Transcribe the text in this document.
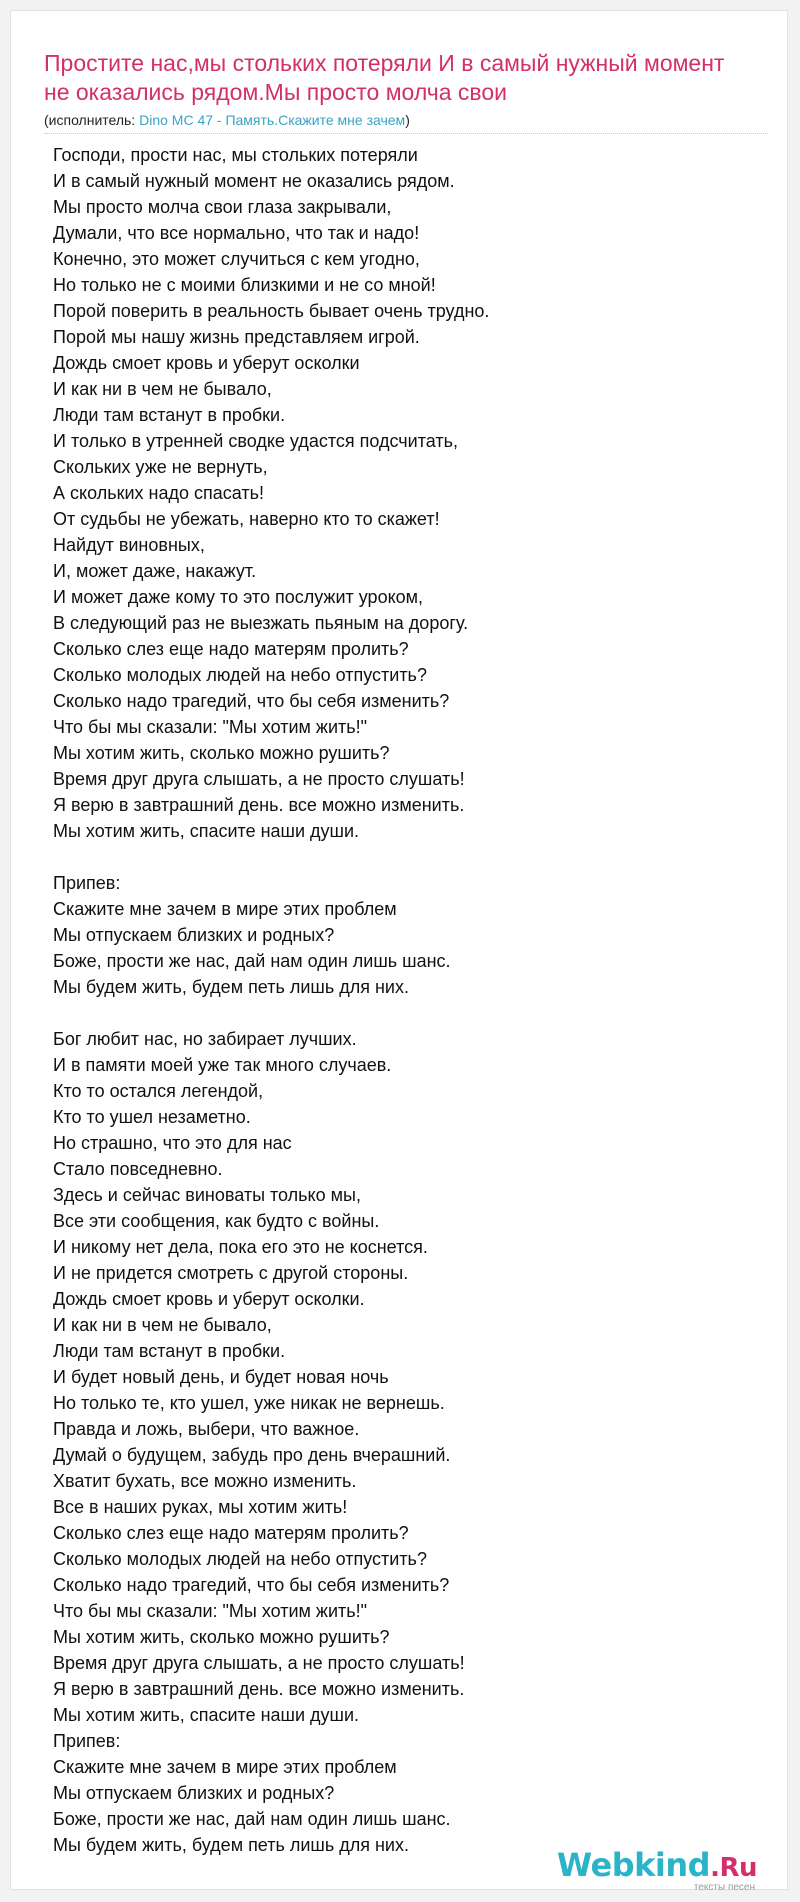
Простите нас,мы стольких потеряли И в самый нужный момент не оказались рядом.Мы просто молча свои
(исполнитель: Dino MC 47 - Память.Скажите мне зачем)
Господи, прости нас, мы стольких потеряли
И в самый нужный момент не оказались рядом.
Мы просто молча свои глаза закрывали,
Думали, что все нормально, что так и надо!
Конечно, это может случиться с кем угодно,
Но только не с моими близкими и не со мной!
Порой поверить в реальность бывает очень трудно.
Порой мы нашу жизнь представляем игрой.
Дождь смоет кровь и уберут осколки
И как ни в чем не бывало,
Люди там встанут в пробки.
И только в утренней сводке удастся подсчитать,
Скольких уже не вернуть,
А скольких надо спасать!
От судьбы не убежать, наверно кто то скажет!
Найдут виновных,
И, может даже, накажут.
И может даже кому то это послужит уроком,
В следующий раз не выезжать пьяным на дорогу.
Сколько слез еще надо матерям пролить?
Сколько молодых людей на небо отпустить?
Сколько надо трагедий, что бы себя изменить?
Что бы мы сказали: "Мы хотим жить!"
Мы хотим жить, сколько можно рушить?
Время друг друга слышать, а не просто слушать!
Я верю в завтрашний день. все можно изменить.
Мы хотим жить, спасите наши души.
Припев:
Скажите мне зачем в мире этих проблем
Мы отпускаем близких и родных?
Боже, прости же нас, дай нам один лишь шанс.
Мы будем жить, будем петь лишь для них.
Бог любит нас, но забирает лучших.
И в памяти моей уже так много случаев.
Кто то остался легендой,
Кто то ушел незаметно.
Но страшно, что это для нас
Стало повседневно.
Здесь и сейчас виноваты только мы,
Все эти сообщения, как будто с войны.
И никому нет дела, пока его это не коснется.
И не придется смотреть с другой стороны.
Дождь смоет кровь и уберут осколки.
И как ни в чем не бывало,
Люди там встанут в пробки.
И будет новый день, и будет новая ночь
Но только те, кто ушел, уже никак не вернешь.
Правда и ложь, выбери, что важное.
Думай о будущем, забудь про день вчерашний.
Хватит бухать, все можно изменить.
Все в наших руках, мы хотим жить!
Сколько слез еще надо матерям пролить?
Сколько молодых людей на небо отпустить?
Сколько надо трагедий, что бы себя изменить?
Что бы мы сказали: "Мы хотим жить!"
Мы хотим жить, сколько можно рушить?
Время друг друга слышать, а не просто слушать!
Я верю в завтрашний день. все можно изменить.
Мы хотим жить, спасите наши души.
Припев:
Скажите мне зачем в мире этих проблем
Мы отпускаем близких и родных?
Боже, прости же нас, дай нам один лишь шанс.
Мы будем жить, будем петь лишь для них.
Webkind.Ru
тексты песен
